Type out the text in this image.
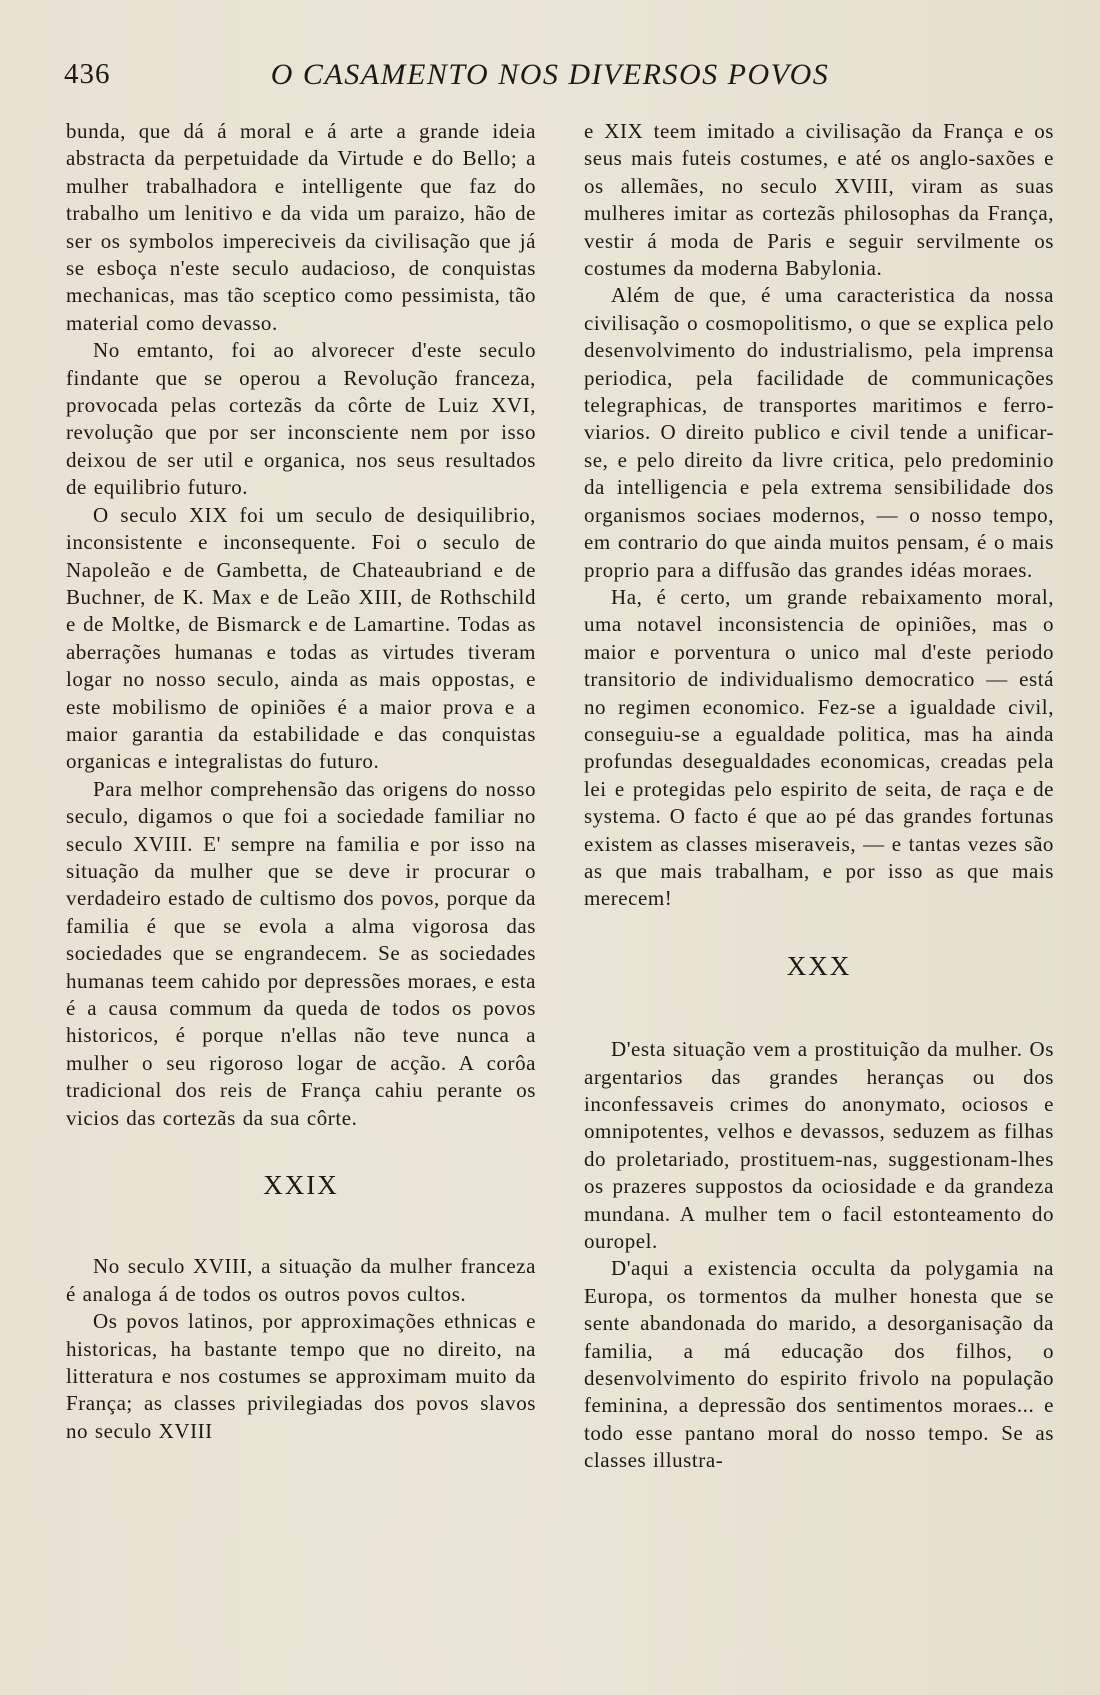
436	O CASAMENTO NOS DIVERSOS POVOS

bunda, que dá á moral e á arte a grande ideia abstracta da perpetuidade da Virtude e do Bello; a mulher trabalhadora e intelligente que faz do trabalho um lenitivo e da vida um paraizo, hão de ser os symbolos impereciveis da civilisação que já se esboça n'este seculo audacioso, de conquistas mechanicas, mas tão sceptico como pessimista, tão material como devasso.

No emtanto, foi ao alvorecer d'este seculo findante que se operou a Revolução franceza, provocada pelas cortezãs da côrte de Luiz XVI, revolução que por ser inconsciente nem por isso deixou de ser util e organica, nos seus resultados de equilibrio futuro.

O seculo XIX foi um seculo de desiquilibrio, inconsistente e inconsequente. Foi o seculo de Napoleão e de Gambetta, de Chateaubriand e de Buchner, de K. Max e de Leão XIII, de Rothschild e de Moltke, de Bismarck e de Lamartine. Todas as aberrações humanas e todas as virtudes tiveram logar no nosso seculo, ainda as mais oppostas, e este mobilismo de opiniões é a maior prova e a maior garantia da estabilidade e das conquistas organicas e integralistas do futuro.

Para melhor comprehensão das origens do nosso seculo, digamos o que foi a sociedade familiar no seculo XVIII. E' sempre na familia e por isso na situação da mulher que se deve ir procurar o verdadeiro estado de cultismo dos povos, porque da familia é que se evola a alma vigorosa das sociedades que se engrandecem. Se as sociedades humanas teem cahido por depressões moraes, e esta é a causa commum da queda de todos os povos historicos, é porque n'ellas não teve nunca a mulher o seu rigoroso logar de acção. A corôa tradicional dos reis de França cahiu perante os vicios das cortezãs da sua côrte.

XXIX

No seculo XVIII, a situação da mulher franceza é analoga á de todos os outros povos cultos.

Os povos latinos, por approximações ethnicas e historicas, ha bastante tempo que no direito, na litteratura e nos costumes se approximam muito da França; as classes privilegiadas dos povos slavos no seculo XVIII

e XIX teem imitado a civilisação da França e os seus mais futeis costumes, e até os anglo-saxões e os allemães, no seculo XVIII, viram as suas mulheres imitar as cortezãs philosophas da França, vestir á moda de Paris e seguir servilmente os costumes da moderna Babylonia.

Além de que, é uma caracteristica da nossa civilisação o cosmopolitismo, o que se explica pelo desenvolvimento do industrialismo, pela imprensa periodica, pela facilidade de communicações telegraphicas, de transportes maritimos e ferro-viarios. O direito publico e civil tende a unificar-se, e pelo direito da livre critica, pelo predominio da intelligencia e pela extrema sensibilidade dos organismos sociaes modernos, — o nosso tempo, em contrario do que ainda muitos pensam, é o mais proprio para a diffusão das grandes idéas moraes.

Ha, é certo, um grande rebaixamento moral, uma notavel inconsistencia de opiniões, mas o maior e porventura o unico mal d'este periodo transitorio de individualismo democratico — está no regimen economico. Fez-se a igualdade civil, conseguiu-se a egualdade politica, mas ha ainda profundas desegualdades economicas, creadas pela lei e protegidas pelo espirito de seita, de raça e de systema. O facto é que ao pé das grandes fortunas existem as classes miseraveis, — e tantas vezes são as que mais trabalham, e por isso as que mais merecem!

XXX

D'esta situação vem a prostituição da mulher. Os argentarios das grandes heranças ou dos inconfessaveis crimes do anonymato, ociosos e omnipotentes, velhos e devassos, seduzem as filhas do proletariado, prostituem-nas, suggestionam-lhes os prazeres suppostos da ociosidade e da grandeza mundana. A mulher tem o facil estonteamento do ouropel.

D'aqui a existencia occulta da polygamia na Europa, os tormentos da mulher honesta que se sente abandonada do marido, a desorganisação da familia, a má educação dos filhos, o desenvolvimento do espirito frivolo na população feminina, a depressão dos sentimentos moraes... e todo esse pantano moral do nosso tempo. Se as classes illustra-
